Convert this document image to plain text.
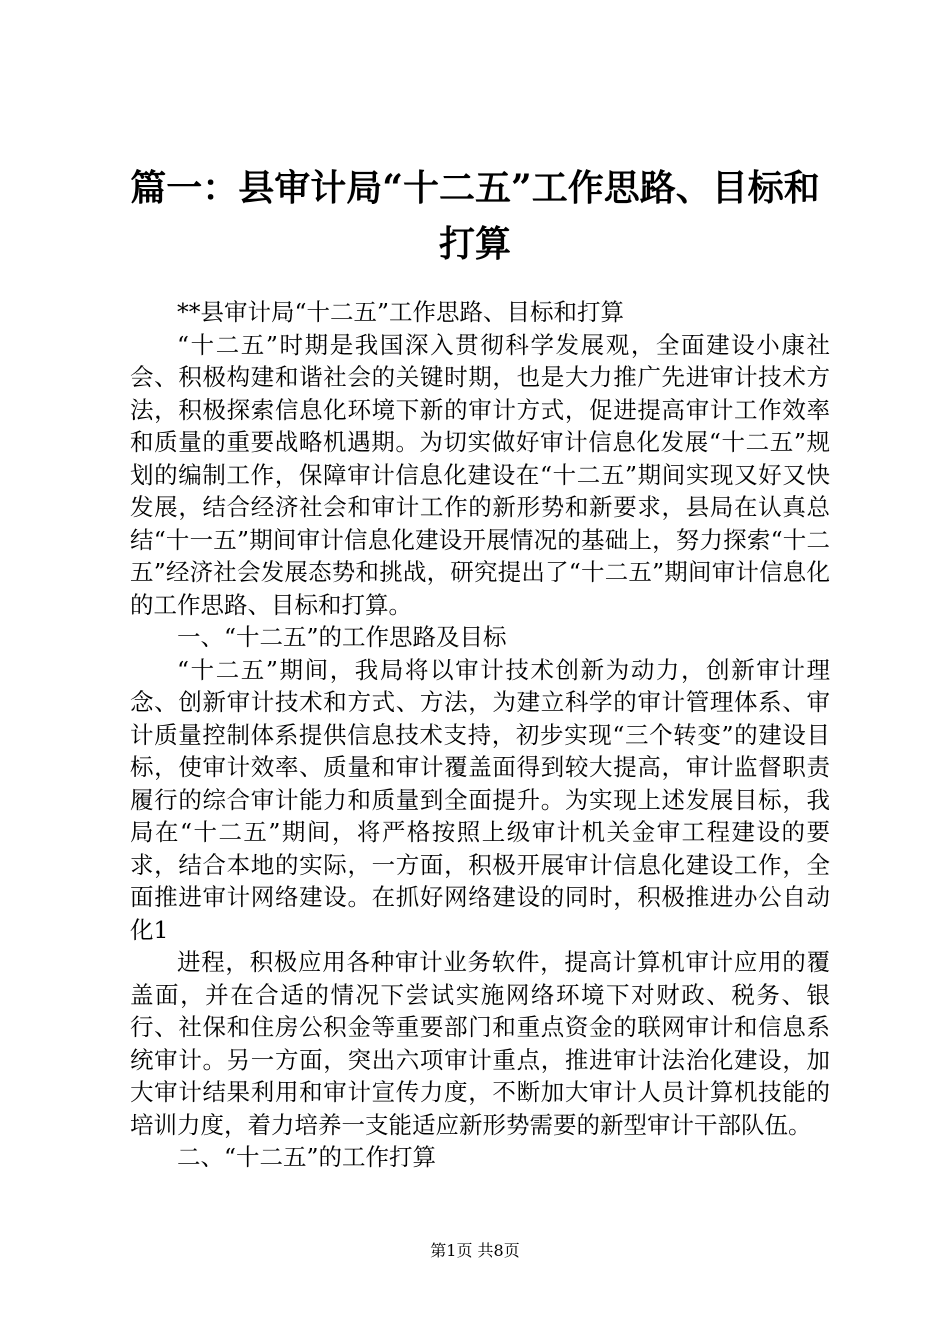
篇一：县审计局“十二五”工作思路、目标和
打算

**县审计局“十二五”工作思路、目标和打算

“十二五”时期是我国深入贯彻科学发展观，全面建设小康社会、积极构建和谐社会的关键时期，也是大力推广先进审计技术方法，积极探索信息化环境下新的审计方式，促进提高审计工作效率和质量的重要战略机遇期。为切实做好审计信息化发展“十二五”规划的编制工作，保障审计信息化建设在“十二五”期间实现又好又快发展，结合经济社会和审计工作的新形势和新要求，县局在认真总结“十一五”期间审计信息化建设开展情况的基础上，努力探索“十二五”经济社会发展态势和挑战，研究提出了“十二五”期间审计信息化的工作思路、目标和打算。

一、“十二五”的工作思路及目标

“十二五”期间，我局将以审计技术创新为动力，创新审计理念、创新审计技术和方式、方法，为建立科学的审计管理体系、审计质量控制体系提供信息技术支持，初步实现“三个转变”的建设目标，使审计效率、质量和审计覆盖面得到较大提高，审计监督职责履行的综合审计能力和质量到全面提升。为实现上述发展目标，我局在“十二五”期间，将严格按照上级审计机关金审工程建设的要求，结合本地的实际，一方面，积极开展审计信息化建设工作，全面推进审计网络建设。在抓好网络建设的同时，积极推进办公自动化1

进程，积极应用各种审计业务软件，提高计算机审计应用的覆盖面，并在合适的情况下尝试实施网络环境下对财政、税务、银行、社保和住房公积金等重要部门和重点资金的联网审计和信息系统审计。另一方面，突出六项审计重点，推进审计法治化建设，加大审计结果利用和审计宣传力度，不断加大审计人员计算机技能的培训力度，着力培养一支能适应新形势需要的新型审计干部队伍。

二、“十二五”的工作打算

第1页 共8页
